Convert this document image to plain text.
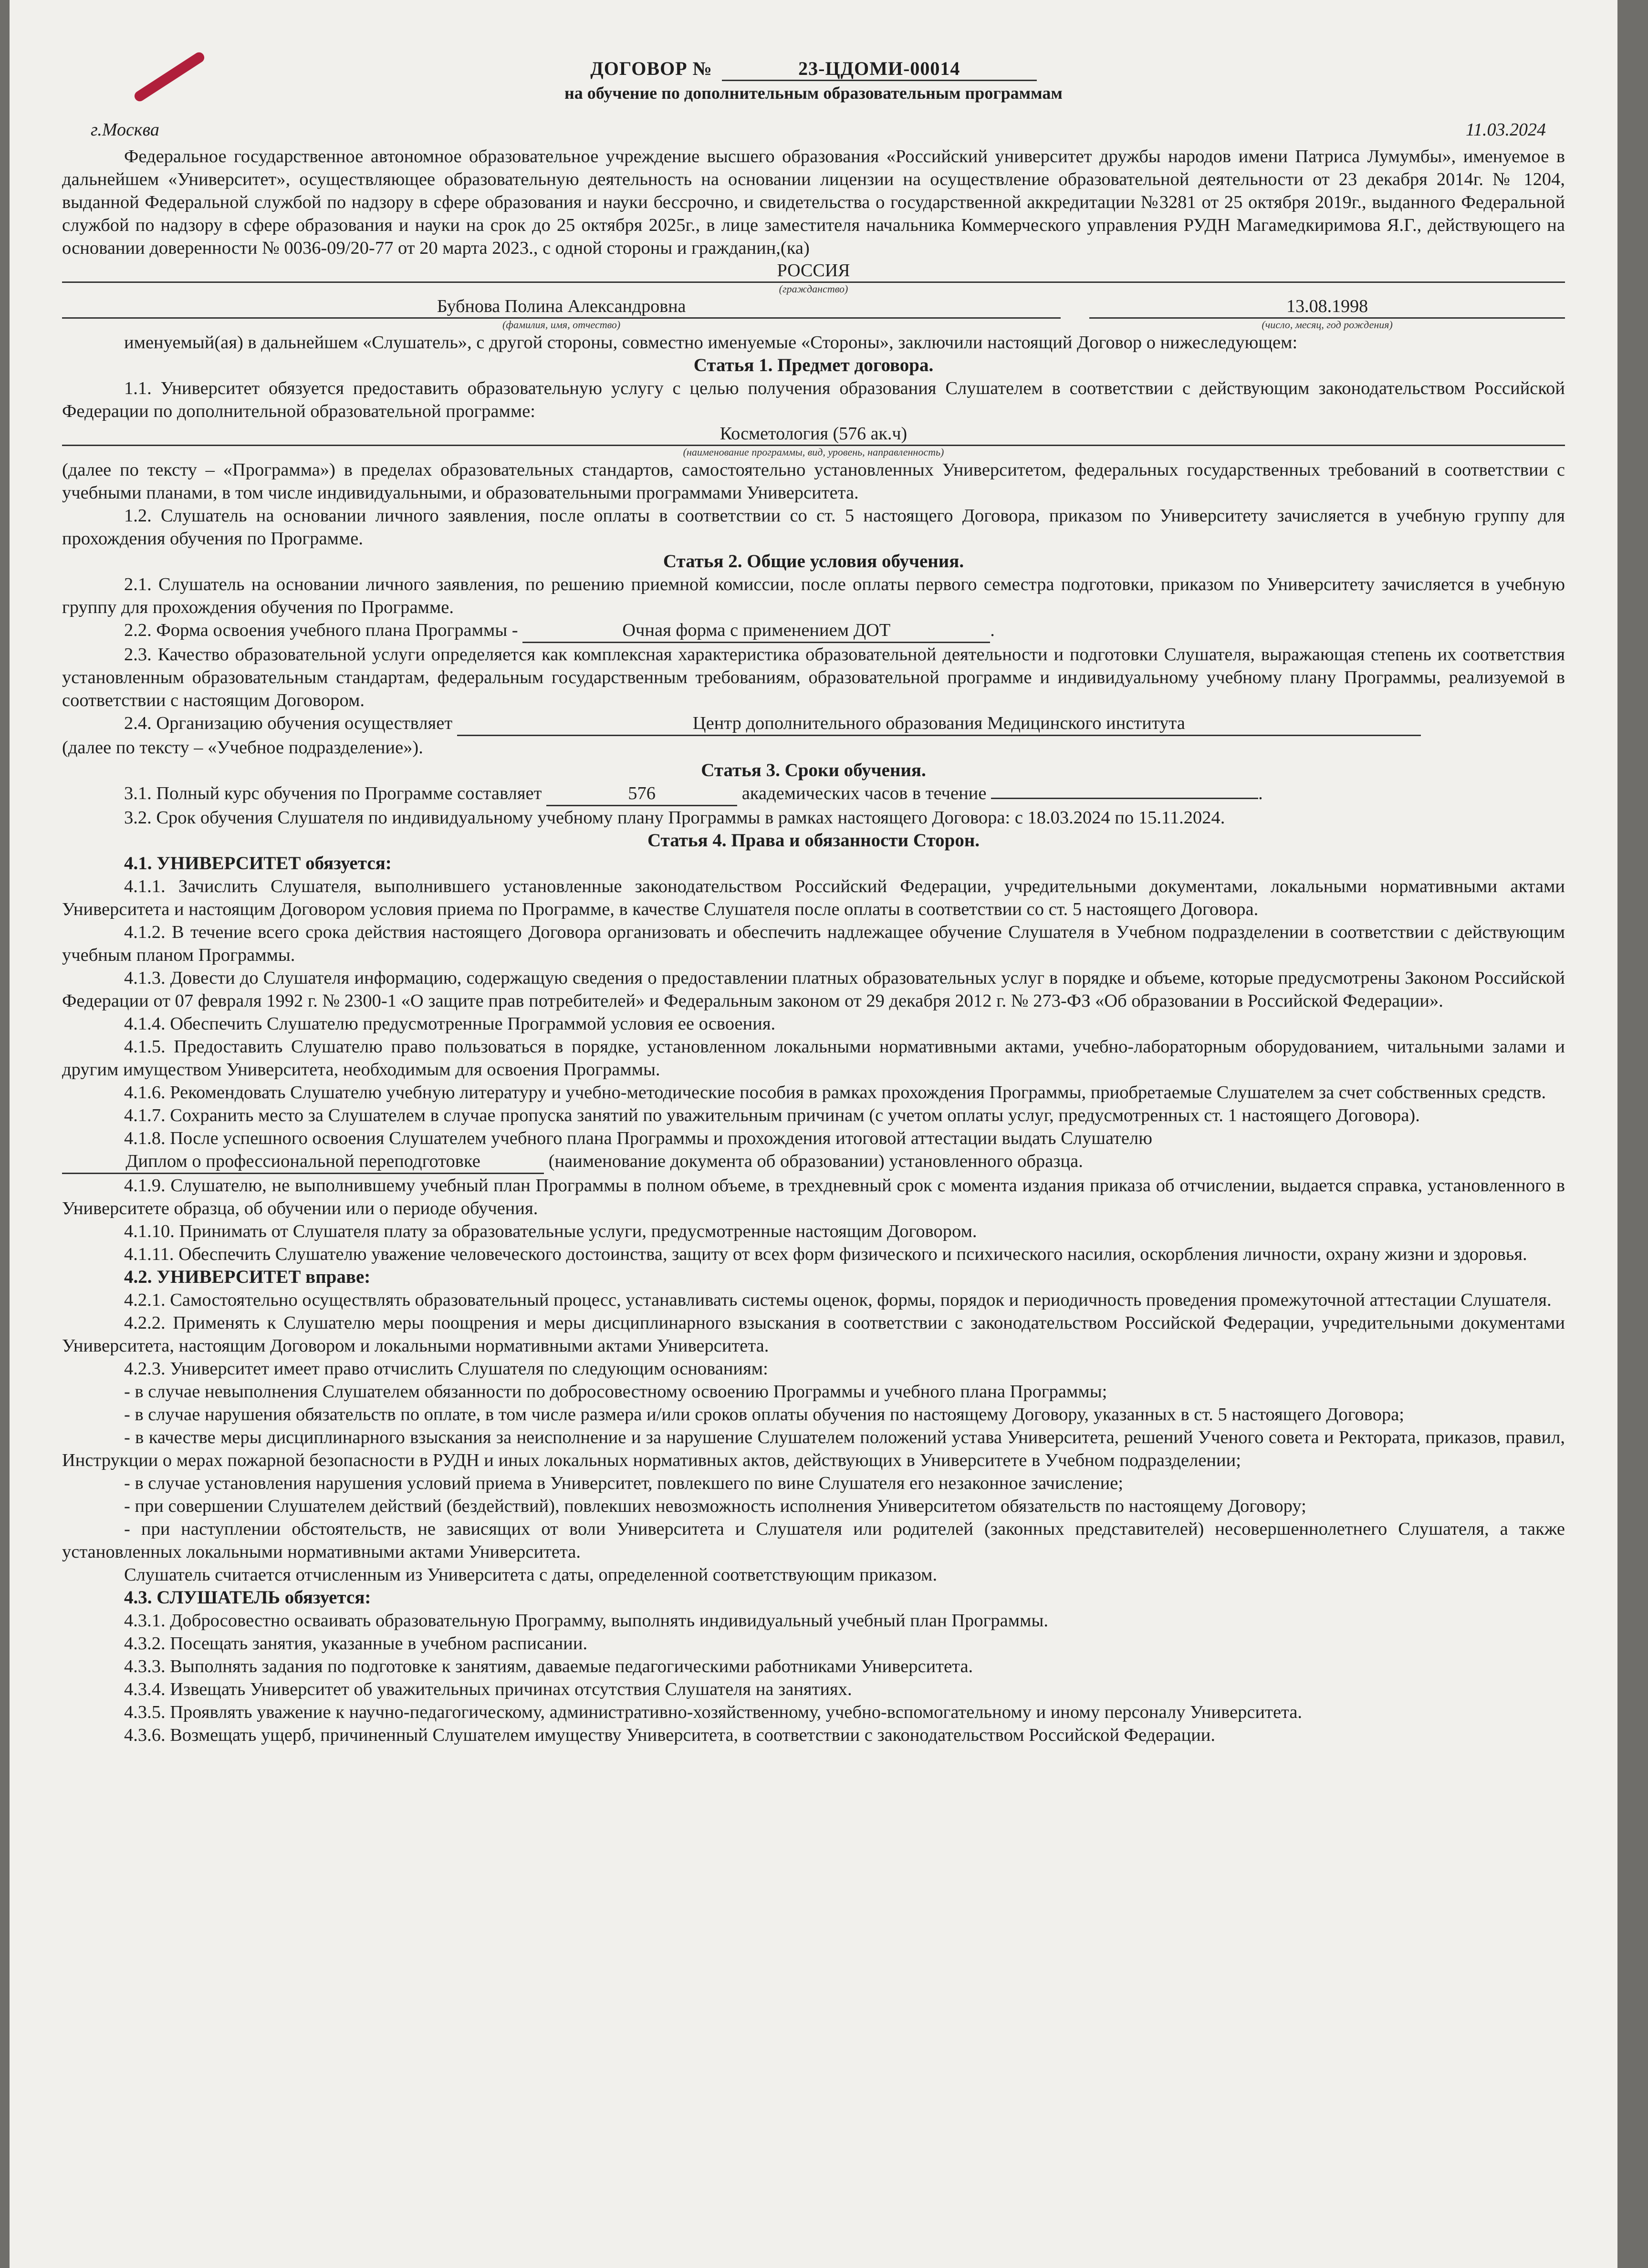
ДОГОВОР №	23-ЦДОМИ-00014
на обучение по дополнительным образовательным программам
г.Москва	11.03.2024

Федеральное государственное автономное образовательное учреждение высшего образования «Российский университет дружбы народов имени Патриса Лумумбы», именуемое в дальнейшем «Университет», осуществляющее образовательную деятельность на основании лицензии на осуществление образовательной деятельности от 23 декабря 2014г. № 1204, выданной Федеральной службой по надзору в сфере образования и науки бессрочно, и свидетельства о государственной аккредитации №3281 от 25 октября 2019г., выданного Федеральной службой по надзору в сфере образования и науки на срок до 25 октября 2025г., в лице заместителя начальника Коммерческого управления РУДН Магамедкиримова Я.Г., действующего на основании доверенности № 0036-09/20-77 от 20 марта 2023., с одной стороны и гражданин,(ка)

РОССИЯ
(гражданство)
Бубнова Полина Александровна
(фамилия, имя, отчество)
13.08.1998
(число, месяц, год рождения)

именуемый(ая) в дальнейшем «Слушатель», с другой стороны, совместно именуемые «Стороны», заключили настоящий Договор о нижеследующем:

Статья 1. Предмет договора.

1.1. Университет обязуется предоставить образовательную услугу с целью получения образования Слушателем в соответствии с действующим законодательством Российской Федерации по дополнительной образовательной программе:

Косметология (576 ак.ч)
(наименование программы, вид, уровень, направленность)

(далее по тексту – «Программа») в пределах образовательных стандартов, самостоятельно установленных Университетом, федеральных государственных требований в соответствии с учебными планами, в том числе индивидуальными, и образовательными программами Университета.

1.2. Слушатель на основании личного заявления, после оплаты в соответствии со ст. 5 настоящего Договора, приказом по Университету зачисляется в учебную группу для прохождения обучения по Программе.

Статья 2. Общие условия обучения.

2.1. Слушатель на основании личного заявления, по решению приемной комиссии, после оплаты первого семестра подготовки, приказом по Университету зачисляется в учебную группу для прохождения обучения по Программе.

2.2. Форма освоения учебного плана Программы -	Очная форма с применением ДОТ	.

2.3. Качество образовательной услуги определяется как комплексная характеристика образовательной деятельности и подготовки Слушателя, выражающая степень их соответствия установленным образовательным стандартам, федеральным государственным требованиям, образовательной программе и индивидуальному учебному плану Программы, реализуемой в соответствии с настоящим Договором.

2.4. Организацию обучения осуществляет	Центр дополнительного образования Медицинского института

(далее по тексту – «Учебное подразделение»).

Статья 3. Сроки обучения.

3.1. Полный курс обучения по Программе составляет	576	академических часов в течение	.

3.2. Срок обучения Слушателя по индивидуальному учебному плану Программы в рамках настоящего Договора: с 18.03.2024 по 15.11.2024.

Статья 4. Права и обязанности Сторон.
4.1. УНИВЕРСИТЕТ обязуется:

4.1.1. Зачислить Слушателя, выполнившего установленные законодательством Российский Федерации, учредительными документами, локальными нормативными актами Университета и настоящим Договором условия приема по Программе, в качестве Слушателя после оплаты в соответствии со ст. 5 настоящего Договора.

4.1.2. В течение всего срока действия настоящего Договора организовать и обеспечить надлежащее обучение Слушателя в Учебном подразделении в соответствии с действующим учебным планом Программы.

4.1.3. Довести до Слушателя информацию, содержащую сведения о предоставлении платных образовательных услуг в порядке и объеме, которые предусмотрены Законом Российской Федерации от 07 февраля 1992 г. № 2300-1 «О защите прав потребителей» и Федеральным законом от 29 декабря 2012 г. № 273-ФЗ «Об образовании в Российской Федерации».

4.1.4. Обеспечить Слушателю предусмотренные Программой условия ее освоения.

4.1.5. Предоставить Слушателю право пользоваться в порядке, установленном локальными нормативными актами, учебно-лабораторным оборудованием, читальными залами и другим имуществом Университета, необходимым для освоения Программы.

4.1.6. Рекомендовать Слушателю учебную литературу и учебно-методические пособия в рамках прохождения Программы, приобретаемые Слушателем за счет собственных средств.

4.1.7. Сохранить место за Слушателем в случае пропуска занятий по уважительным причинам (с учетом оплаты услуг, предусмотренных ст. 1 настоящего Договора).

4.1.8. После успешного освоения Слушателем учебного плана Программы и прохождения итоговой аттестации выдать Слушателю

Диплом о профессиональной переподготовке	(наименование документа об образовании) установленного образца.

4.1.9. Слушателю, не выполнившему учебный план Программы в полном объеме, в трехдневный срок с момента издания приказа об отчислении, выдается справка, установленного в Университете образца, об обучении или о периоде обучения.

4.1.10. Принимать от Слушателя плату за образовательные услуги, предусмотренные настоящим Договором.

4.1.11. Обеспечить Слушателю уважение человеческого достоинства, защиту от всех форм физического и психического насилия, оскорбления личности, охрану жизни и здоровья.

4.2. УНИВЕРСИТЕТ вправе:

4.2.1. Самостоятельно осуществлять образовательный процесс, устанавливать системы оценок, формы, порядок и периодичность проведения промежуточной аттестации Слушателя.

4.2.2. Применять к Слушателю меры поощрения и меры дисциплинарного взыскания в соответствии с законодательством Российской Федерации, учредительными документами Университета, настоящим Договором и локальными нормативными актами Университета.

4.2.3. Университет имеет право отчислить Слушателя по следующим основаниям:

- в случае невыполнения Слушателем обязанности по добросовестному освоению Программы и учебного плана Программы;

- в случае нарушения обязательств по оплате, в том числе размера и/или сроков оплаты обучения по настоящему Договору, указанных в ст. 5 настоящего Договора;

- в качестве меры дисциплинарного взыскания за неисполнение и за нарушение Слушателем положений устава Университета, решений Ученого совета и Ректората, приказов, правил, Инструкции о мерах пожарной безопасности в РУДН и иных локальных нормативных актов, действующих в Университете в Учебном подразделении;

- в случае установления нарушения условий приема в Университет, повлекшего по вине Слушателя его незаконное зачисление;

- при совершении Слушателем действий (бездействий), повлекших невозможность исполнения Университетом обязательств по настоящему Договору;

- при наступлении обстоятельств, не зависящих от воли Университета и Слушателя или родителей (законных представителей) несовершеннолетнего Слушателя, а также установленных локальными нормативными актами Университета.

Слушатель считается отчисленным из Университета с даты, определенной соответствующим приказом.

4.3. СЛУШАТЕЛЬ обязуется:

4.3.1. Добросовестно осваивать образовательную Программу, выполнять индивидуальный учебный план Программы.

4.3.2. Посещать занятия, указанные в учебном расписании.

4.3.3. Выполнять задания по подготовке к занятиям, даваемые педагогическими работниками Университета.

4.3.4. Извещать Университет об уважительных причинах отсутствия Слушателя на занятиях.

4.3.5. Проявлять уважение к научно-педагогическому, административно-хозяйственному, учебно-вспомогательному и иному персоналу Университета.

4.3.6. Возмещать ущерб, причиненный Слушателем имуществу Университета, в соответствии с законодательством Российской Федерации.
